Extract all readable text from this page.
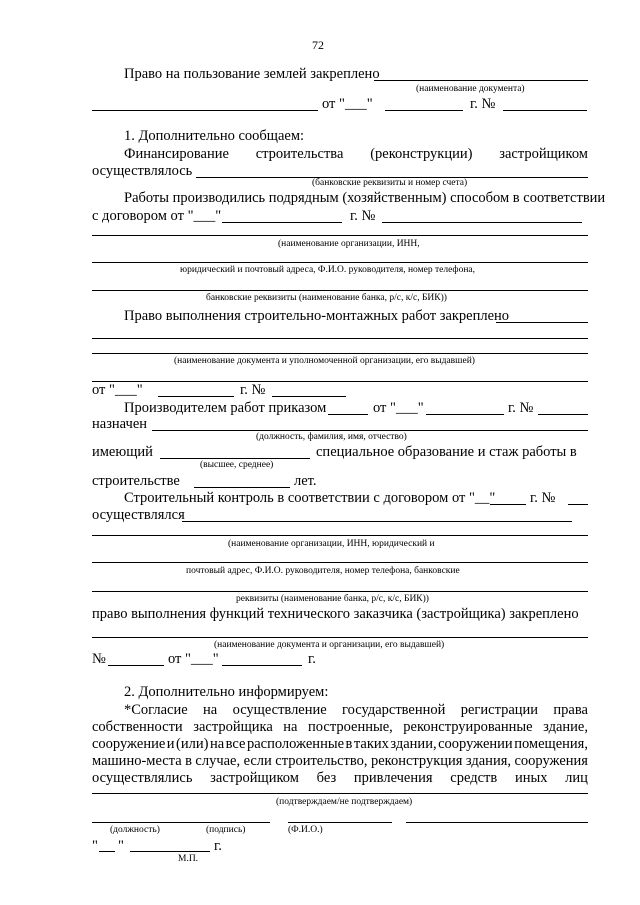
72
Право на пользование землей закреплено
(наименование документа)
от "___"	г. №
1. Дополнительно сообщаем:
Финансирование строительства (реконструкции) застройщиком
осуществлялось
(банковские реквизиты и номер счета)
Работы производились подрядным (хозяйственным) способом в соответствии
с договором от "___"	г. №
(наименование организации, ИНН,
юридический и почтовый адреса, Ф.И.О. руководителя, номер телефона,
банковские реквизиты (наименование банка, р/с, к/с, БИК))
Право выполнения строительно-монтажных работ закреплено
(наименование документа и уполномоченной организации, его выдавшей)
от "___"	г. №
Производителем работ приказом	от "___"	г. №
назначен
(должность, фамилия, имя, отчество)
имеющий	специальное образование и стаж работы в
(высшее, среднее)
строительстве	лет.
Строительный контроль в соответствии с договором от "__" г. №
осуществлялся
(наименование организации, ИНН, юридический и
почтовый адрес, Ф.И.О. руководителя, номер телефона, банковские
реквизиты (наименование банка, р/с, к/с, БИК))
право выполнения функций технического заказчика (застройщика) закреплено
(наименование документа и организации, его выдавшей)
№	от "___"	г.
2. Дополнительно информируем:
*Согласие на осуществление государственной регистрации права
собственности застройщика на построенные, реконструированные здание,
сооружение и (или) на все расположенные в таких здании, сооружении помещения,
машино-места в случае, если строительство, реконструкция здания, сооружения
осуществлялись застройщиком без привлечения средств иных лиц
(подтверждаем/не подтверждаем)
(должность)	(подпись)	(Ф.И.О.)
" "	г.
М.П.
